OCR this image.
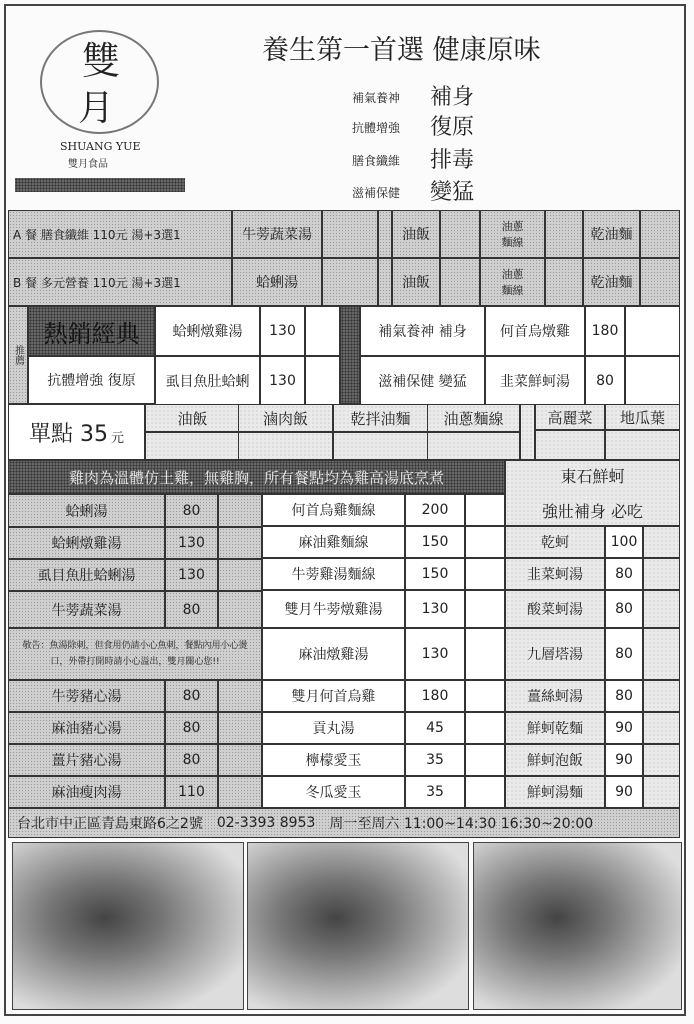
雙
月
SHUANG YUE
雙月食品
養生第一首選 健康原味
補氣養神 補身
抗體增強 復原
膳食纖維 排毒
滋補保健 變猛
A 餐 膳食纖維 110元 湯+3選1	牛蒡蔬菜湯	油飯
油蔥
麵線	乾油麵
B 餐 多元營養 110元 湯+3選1	蛤蜊湯	油飯
油蔥
麵線	乾油麵
推薦
熱銷經典
抗體增強 復原
蛤蜊燉雞湯	130	補氣養神 補身	何首烏燉雞	180
虱目魚肚蛤蜊	130	滋補保健 變猛	韭菜鮮蚵湯	80
單點 35 元
油飯	滷肉飯	乾拌油麵	油蔥麵線	高麗菜	地瓜葉
雞肉為溫體仿土雞，無雞胸，所有餐點均為雞高湯底烹煮	東石鮮蚵
強壯補身 必吃
蛤蜊湯	80
蛤蜊燉雞湯	130
虱目魚肚蛤蜊湯	130
牛蒡蔬菜湯	80
牛蒡豬心湯	80
麻油豬心湯	80
薑片豬心湯	80
麻油瘦肉湯	110
敬告：魚湯除刺，但食用仍請小心魚刺，餐點內用小心燙口，外帶打開時請小心溢出，雙月關心您!!
何首烏雞麵線	200
麻油雞麵線	150
牛蒡雞湯麵線	150
雙月牛蒡燉雞湯	130
麻油燉雞湯	130
雙月何首烏雞	180
貢丸湯	45
檸檬愛玉	35
冬瓜愛玉	35
乾蚵	100
韭菜蚵湯	80
酸菜蚵湯	80
九層塔湯	80
薑絲蚵湯	80
鮮蚵乾麵	90
鮮蚵泡飯	90
鮮蚵湯麵	90
台北市中正區青島東路6之2號 02-3393 8953 周一至周六 11:00~14:30 16:30~20:00
